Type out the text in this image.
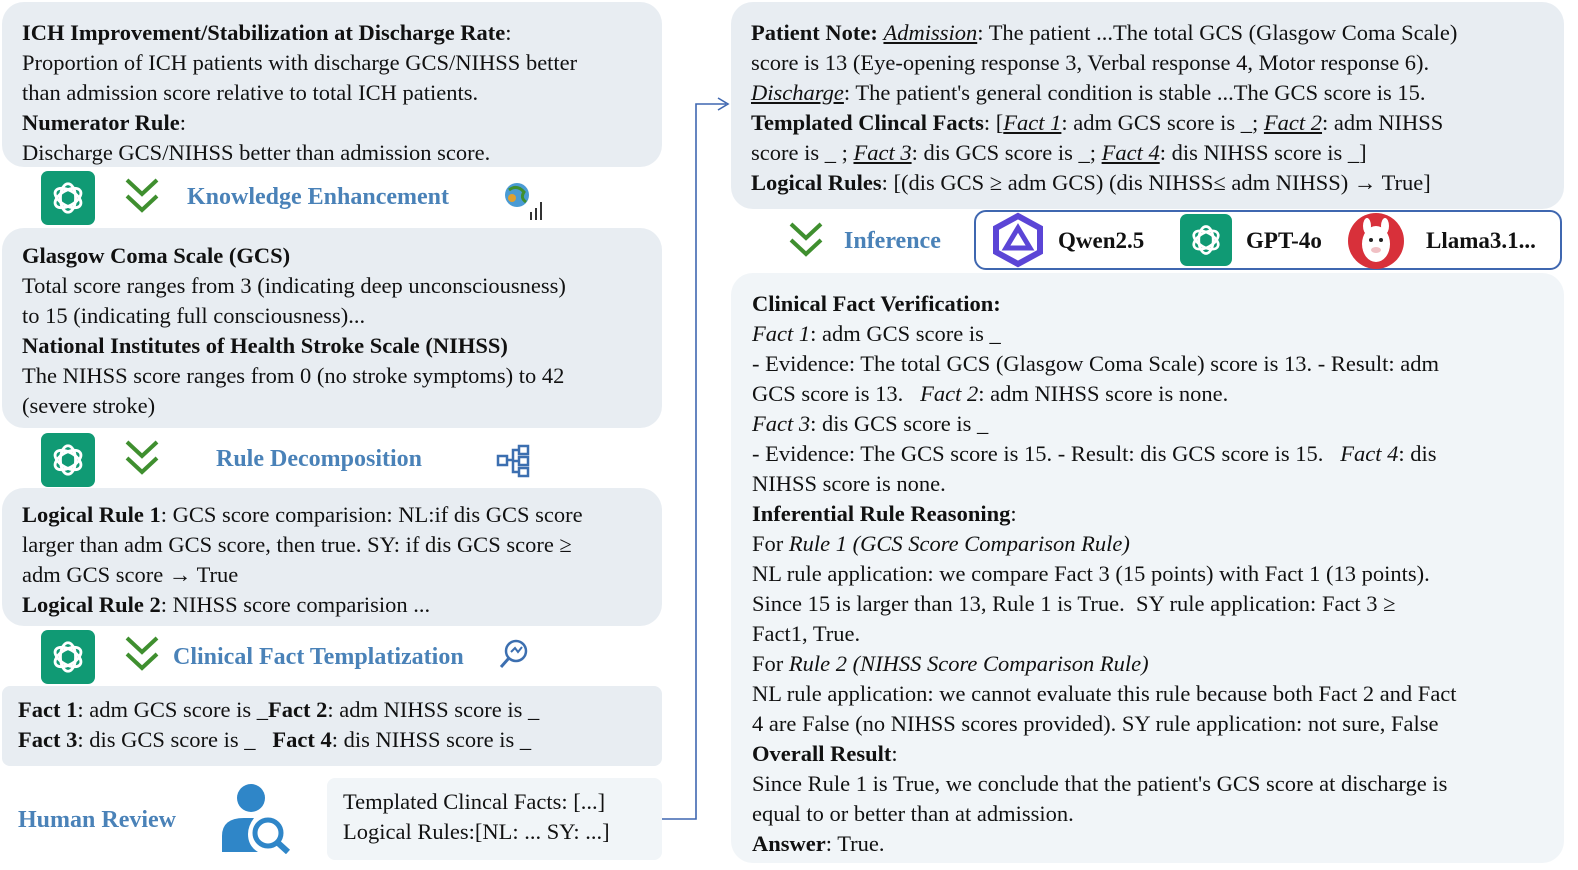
ICH Improvement/Stabilization at Discharge Rate:
Proportion of ICH patients with discharge GCS/NIHSS better
than admission score relative to total ICH patients.
Numerator Rule:
Discharge GCS/NIHSS better than admission score.
Knowledge Enhancement
Glasgow Coma Scale (GCS)
Total score ranges from 3 (indicating deep unconsciousness)
to 15 (indicating full consciousness)...
National Institutes of Health Stroke Scale (NIHSS)
The NIHSS score ranges from 0 (no stroke symptoms) to 42
(severe stroke)
Rule Decomposition
Logical Rule 1: GCS score comparision: NL:if dis GCS score
larger than adm GCS score, then true. SY: if dis GCS score ≥
adm GCS score → True
Logical Rule 2: NIHSS score comparision ...
Clinical Fact Templatization
Fact 1: adm GCS score is _Fact 2: adm NIHSS score is _
Fact 3: dis GCS score is _ Fact 4: dis NIHSS score is _
Human Review
Templated Clincal Facts: [...]
Logical Rules:[NL: ... SY: ...]
Patient Note: Admission: The patient ...The total GCS (Glasgow Coma Scale)
score is 13 (Eye-opening response 3, Verbal response 4, Motor response 6).
Discharge: The patient's general condition is stable ...The GCS score is 15.
Templated Clincal Facts: [Fact 1: adm GCS score is _; Fact 2: adm NIHSS
score is _ ; Fact 3: dis GCS score is _; Fact 4: dis NIHSS score is _]
Logical Rules: [(dis GCS ≥ adm GCS) (dis NIHSS≤ adm NIHSS) → True]
Inference	Qwen2.5	GPT-4o	Llama3.1...
Clinical Fact Verification:
Fact 1: adm GCS score is _
- Evidence: The total GCS (Glasgow Coma Scale) score is 13. - Result: adm
GCS score is 13.   Fact 2: adm NIHSS score is none.
Fact 3: dis GCS score is _
- Evidence: The GCS score is 15. - Result: dis GCS score is 15.   Fact 4: dis
NIHSS score is none.
Inferential Rule Reasoning:
For Rule 1 (GCS Score Comparison Rule)
NL rule application: we compare Fact 3 (15 points) with Fact 1 (13 points).
Since 15 is larger than 13, Rule 1 is True.  SY rule application: Fact 3 ≥
Fact1, True.
For Rule 2 (NIHSS Score Comparison Rule)
NL rule application: we cannot evaluate this rule because both Fact 2 and Fact
4 are False (no NIHSS scores provided). SY rule application: not sure, False
Overall Result:
Since Rule 1 is True, we conclude that the patient's GCS score at discharge is
equal to or better than at admission.
Answer: True.
